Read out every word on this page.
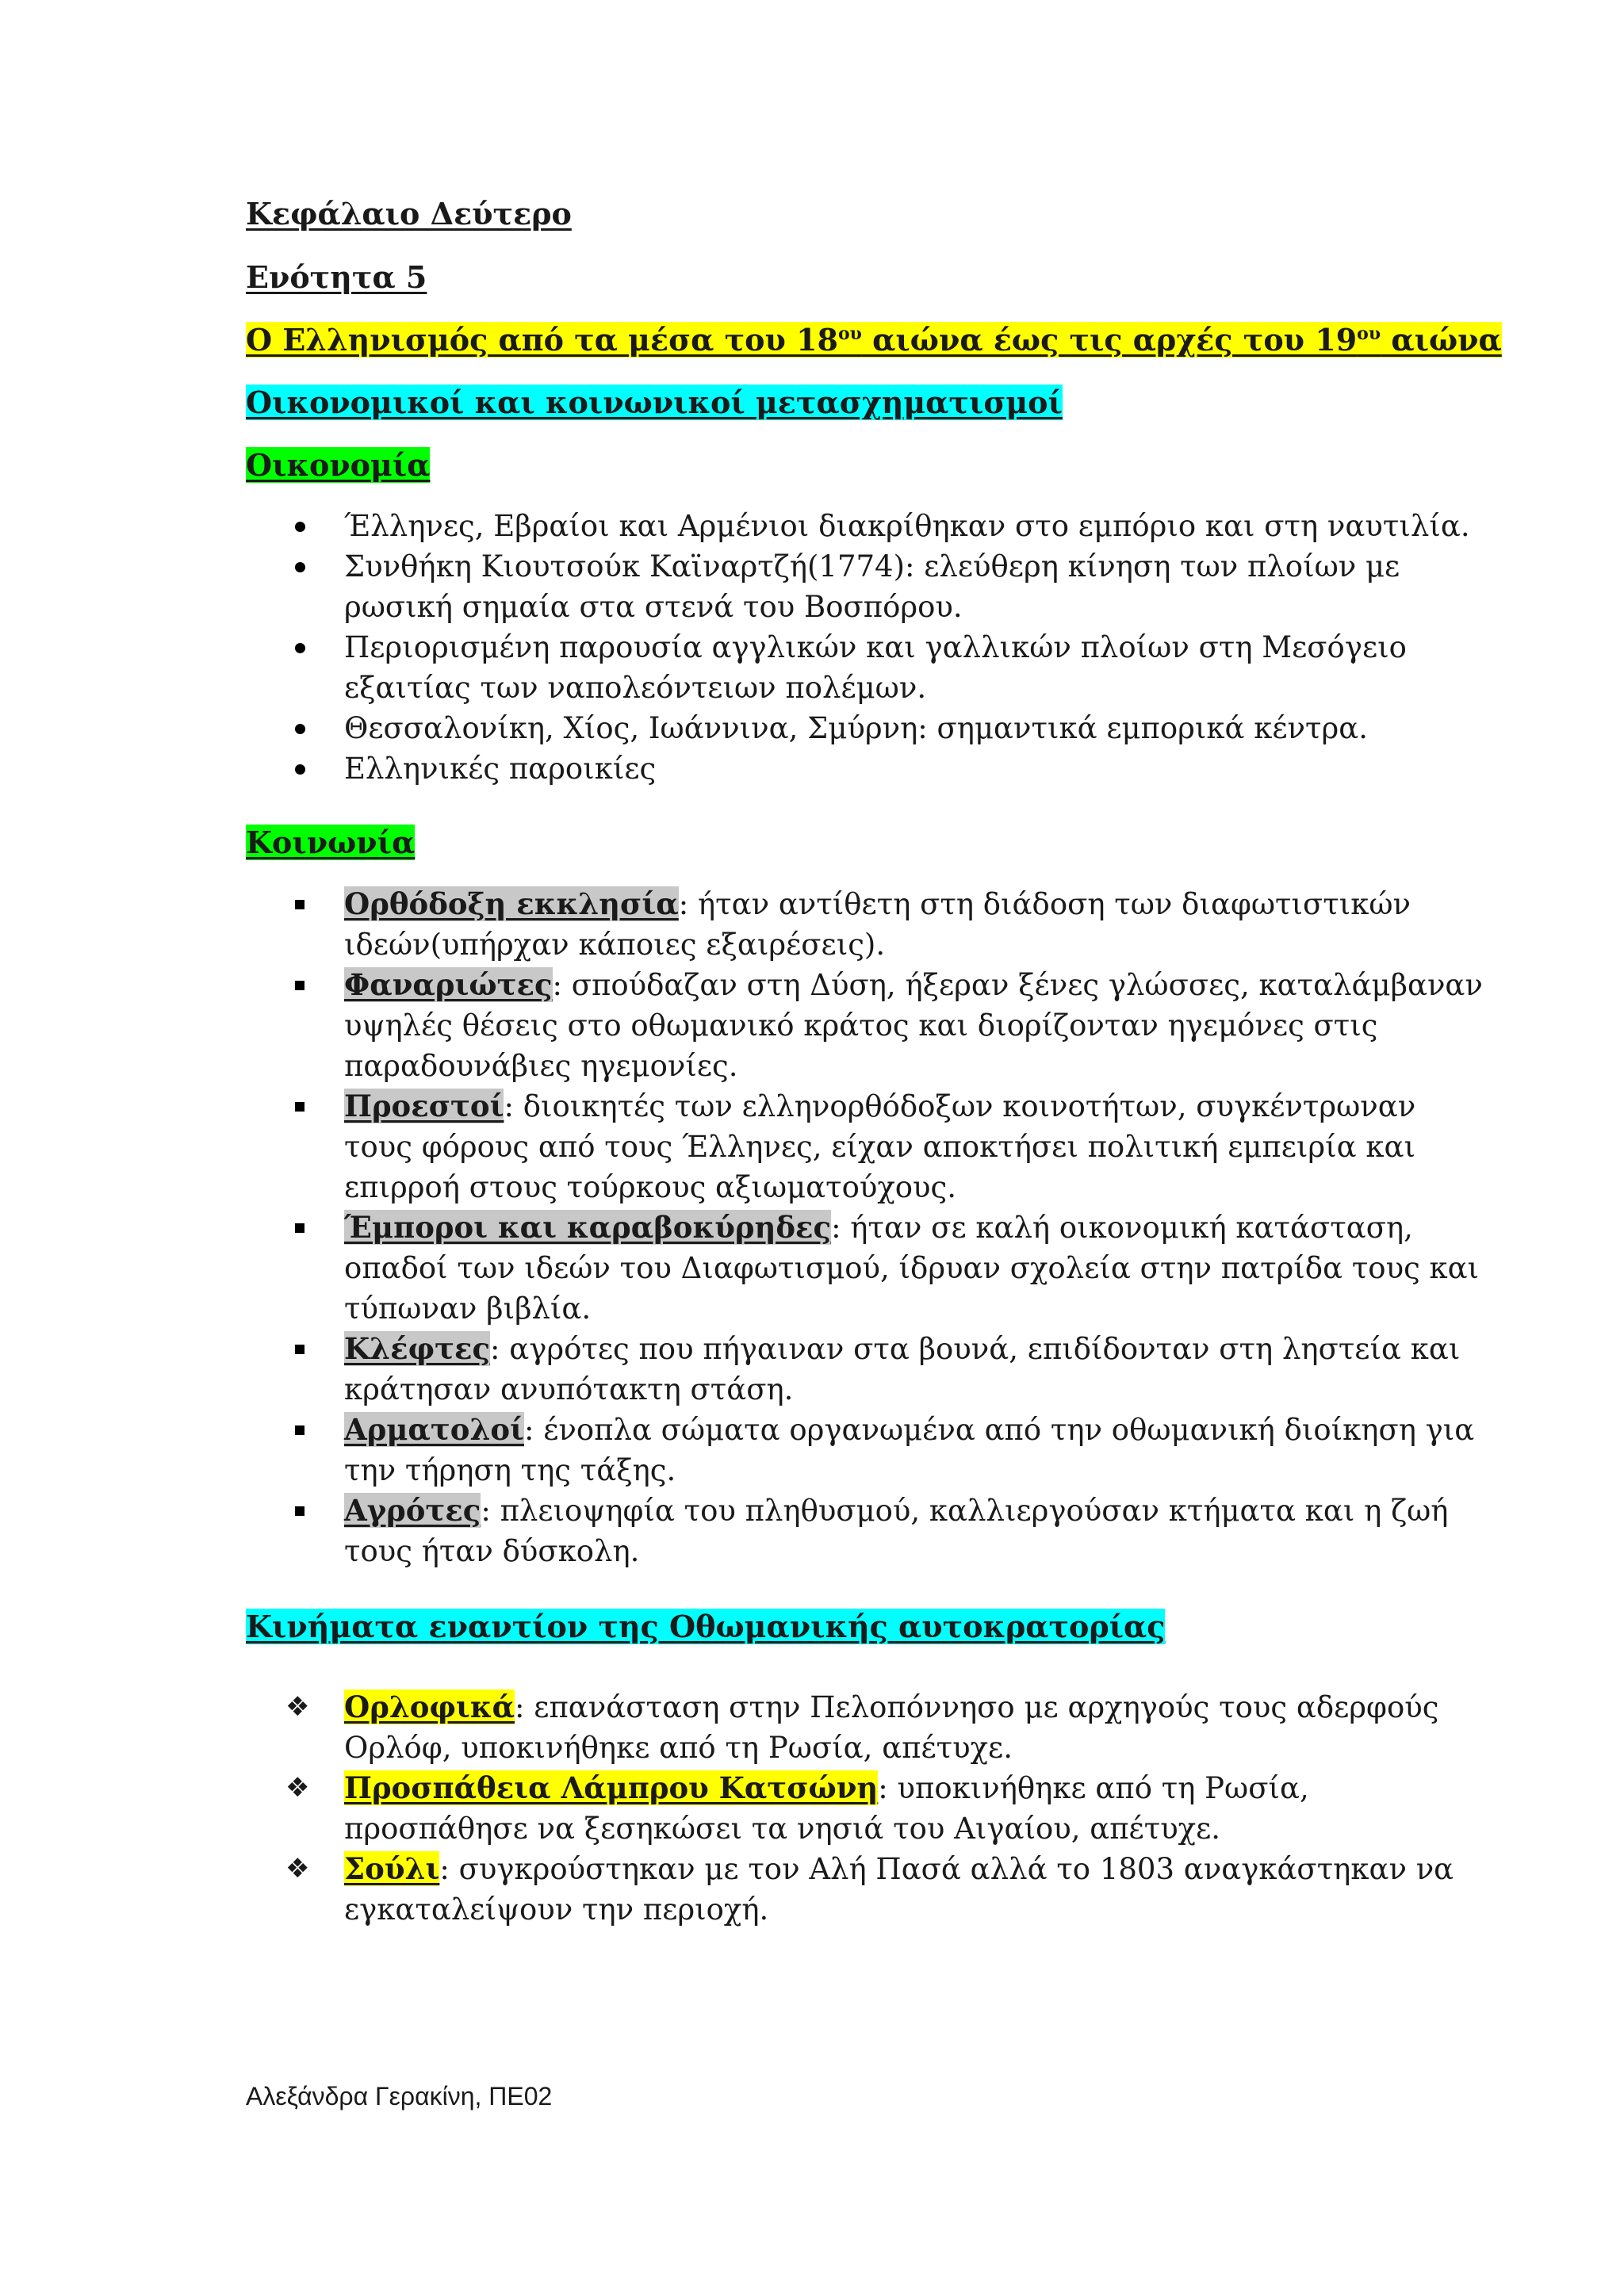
Κεφάλαιο Δεύτερο
Ενότητα 5
Ο Ελληνισμός από τα μέσα του $18^{o\upsilon}$ αιώνα έως τις αρχές του $19^{o\upsilon}$ αιώνα
Οικονομικοί και κοινωνικοί μετασχηματισμοί
Οικονομία
Έλληνες, Εβραίοι και Αρμένιοι διακρίθηκαν στο εμπόριο και στη ναυτιλία.
Συνθήκη Κιουτσούκ Καϊναρτζή(1774): ελεύθερη κίνηση των πλοίων με ρωσική σημαία στα στενά του Βοσπόρου.
Περιορισμένη παρουσία αγγλικών και γαλλικών πλοίων στη Μεσόγειο εξαιτίας των ναπολεόντειων πολέμων.
Θεσσαλονίκη, Χίος, Ιωάννινα, Σμύρνη: σημαντικά εμπορικά κέντρα.
Ελληνικές παροικίες
Κοινωνία
Ορθόδοξη εκκλησία: ήταν αντίθετη στη διάδοση των διαφωτιστικών ιδεών(υπήρχαν κάποιες εξαιρέσεις).
Φαναριώτες: σπούδαζαν στη Δύση, ήξεραν ξένες γλώσσες, καταλάμβαναν υψηλές θέσεις στο οθωμανικό κράτος και διορίζονταν ηγεμόνες στις παραδουνάβιες ηγεμονίες.
Προεστοί: διοικητές των ελληνορθόδοξων κοινοτήτων, συγκέντρωναν τους φόρους από τους Έλληνες, είχαν αποκτήσει πολιτική εμπειρία και επιρροή στους τούρκους αξιωματούχους.
Έμποροι και καραβοκύρηδες: ήταν σε καλή οικονομική κατάσταση, οπαδοί των ιδεών του Διαφωτισμού, ίδρυαν σχολεία στην πατρίδα τους και τύπωναν βιβλία.
Κλέφτες: αγρότες που πήγαιναν στα βουνά, επιδίδονταν στη ληστεία και κράτησαν ανυπότακτη στάση.
Αρματολοί: ένοπλα σώματα οργανωμένα από την οθωμανική διοίκηση για την τήρηση της τάξης.
Αγρότες: πλειοψηφία του πληθυσμού, καλλιεργούσαν κτήματα και η ζωή τους ήταν δύσκολη.
Κινήματα εναντίον της Οθωμανικής αυτοκρατορίας
❖ Ορλοφικά: επανάσταση στην Πελοπόννησο με αρχηγούς τους αδερφούς Ορλόφ, υποκινήθηκε από τη Ρωσία, απέτυχε.
❖ Προσπάθεια Λάμπρου Κατσώνη: υποκινήθηκε από τη Ρωσία, προσπάθησε να ξεσηκώσει τα νησιά του Αιγαίου, απέτυχε.
❖ Σούλι: συγκρούστηκαν με τον Αλή Πασά αλλά το 1803 αναγκάστηκαν να εγκαταλείψουν την περιοχή.
Αλεξάνδρα Γερακίνη, ΠΕ02
